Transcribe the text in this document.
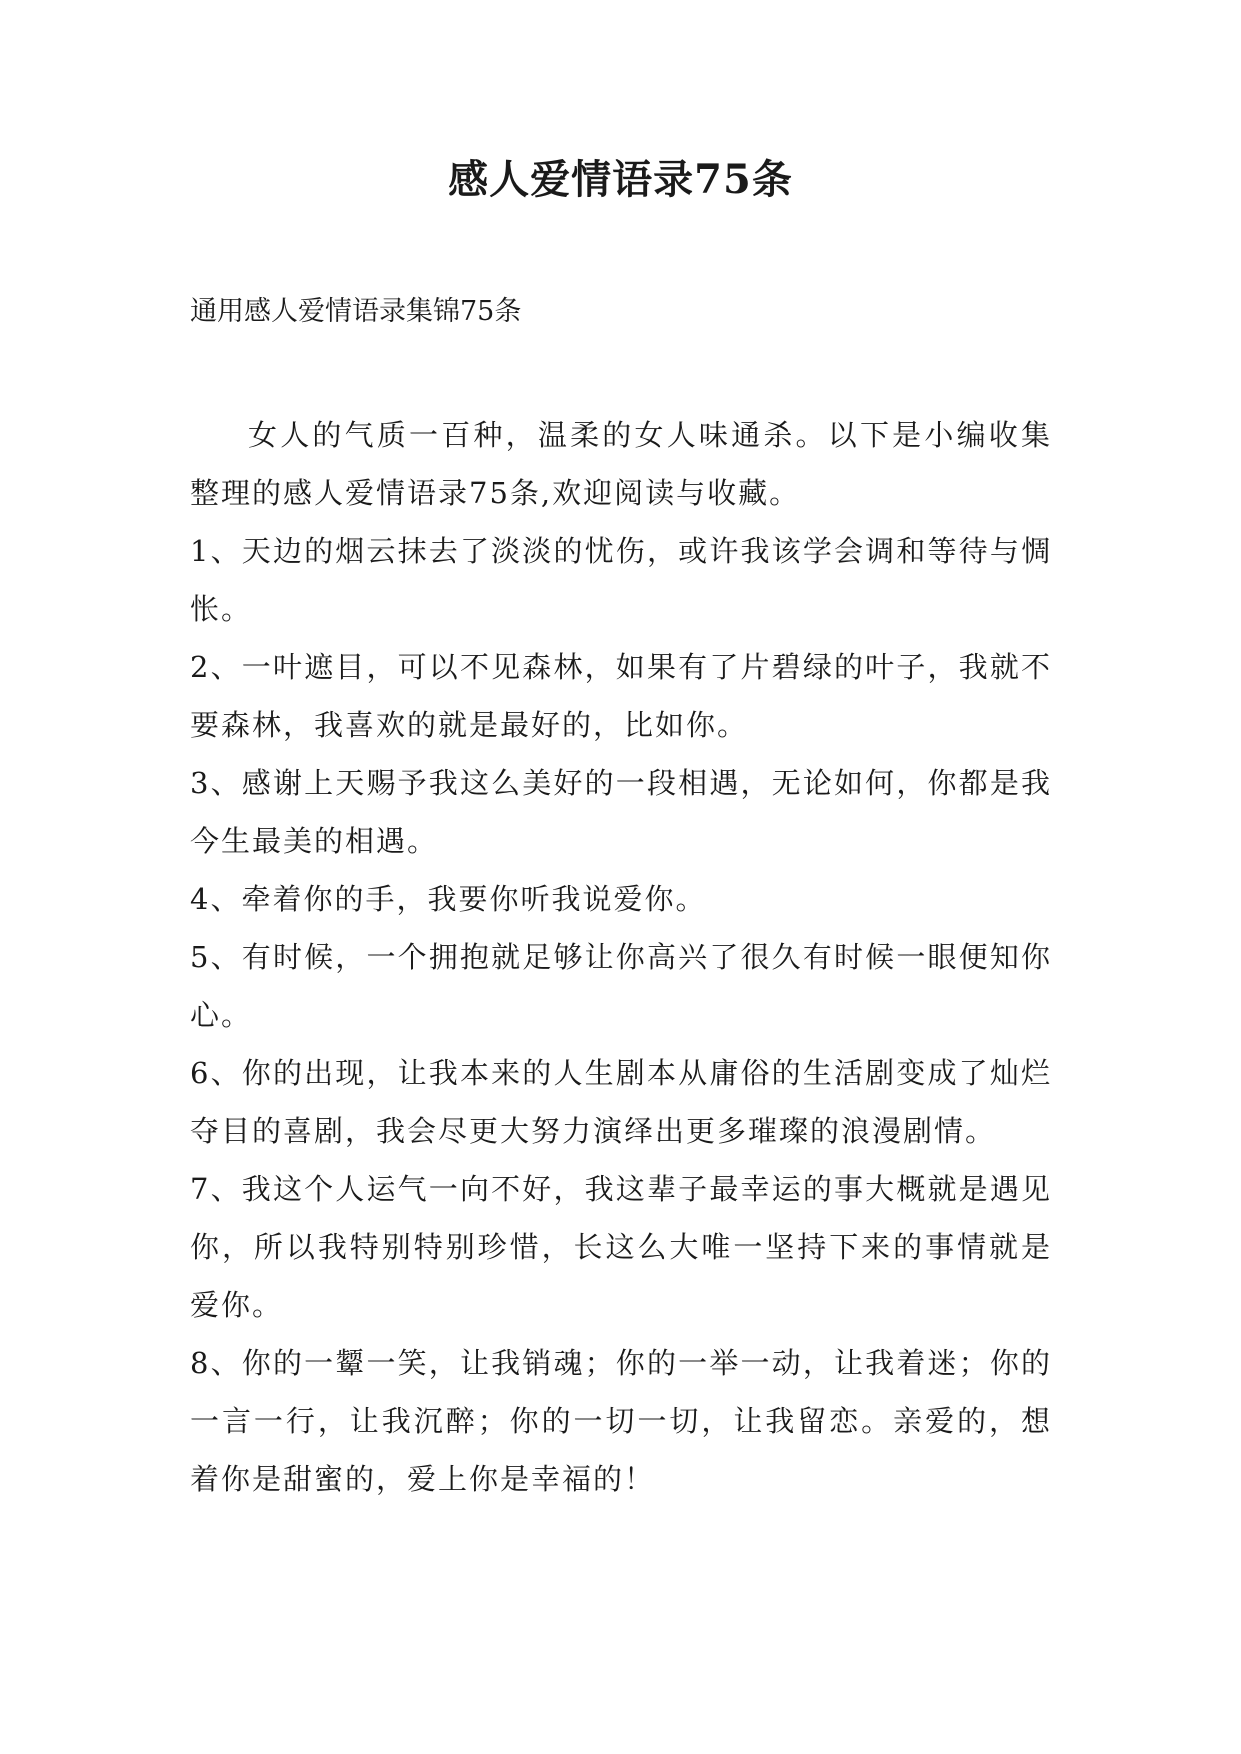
感人爱情语录75条

通用感人爱情语录集锦75条

女人的气质一百种，温柔的女人味通杀。以下是小编收集整理的感人爱情语录75条,欢迎阅读与收藏。

1、天边的烟云抹去了淡淡的忧伤，或许我该学会调和等待与惆怅。

2、一叶遮目，可以不见森林，如果有了片碧绿的叶子，我就不要森林，我喜欢的就是最好的，比如你。

3、感谢上天赐予我这么美好的一段相遇，无论如何，你都是我今生最美的相遇。

4、牵着你的手，我要你听我说爱你。

5、有时候，一个拥抱就足够让你高兴了很久有时候一眼便知你心。

6、你的出现，让我本来的人生剧本从庸俗的生活剧变成了灿烂夺目的喜剧，我会尽更大努力演绎出更多璀璨的浪漫剧情。

7、我这个人运气一向不好，我这辈子最幸运的事大概就是遇见你，所以我特别特别珍惜，长这么大唯一坚持下来的事情就是爱你。

8、你的一颦一笑，让我销魂；你的一举一动，让我着迷；你的一言一行，让我沉醉；你的一切一切，让我留恋。亲爱的，想着你是甜蜜的，爱上你是幸福的！
